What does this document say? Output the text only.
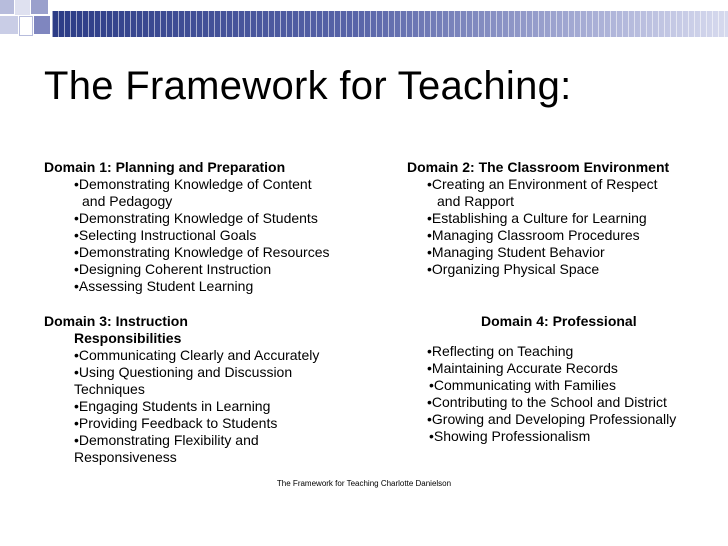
The Framework for Teaching:
Domain 1: Planning and Preparation
•Demonstrating Knowledge of Content
and Pedagogy
•Demonstrating Knowledge of Students
•Selecting Instructional Goals
•Demonstrating Knowledge of Resources
•Designing Coherent Instruction
•Assessing Student Learning
Domain 2: The Classroom Environment
•Creating an Environment of Respect
and Rapport
•Establishing a Culture for Learning
•Managing Classroom Procedures
•Managing Student Behavior
•Organizing Physical Space
Domain 3: Instruction
Responsibilities
•Communicating Clearly and Accurately
•Using Questioning and Discussion
Techniques
•Engaging Students in Learning
•Providing Feedback to Students
•Demonstrating Flexibility and
Responsiveness
Domain 4: Professional
•Reflecting on Teaching
•Maintaining Accurate Records
•Communicating with Families
•Contributing to the School and District
•Growing and Developing Professionally
•Showing Professionalism
The Framework for Teaching Charlotte Danielson
